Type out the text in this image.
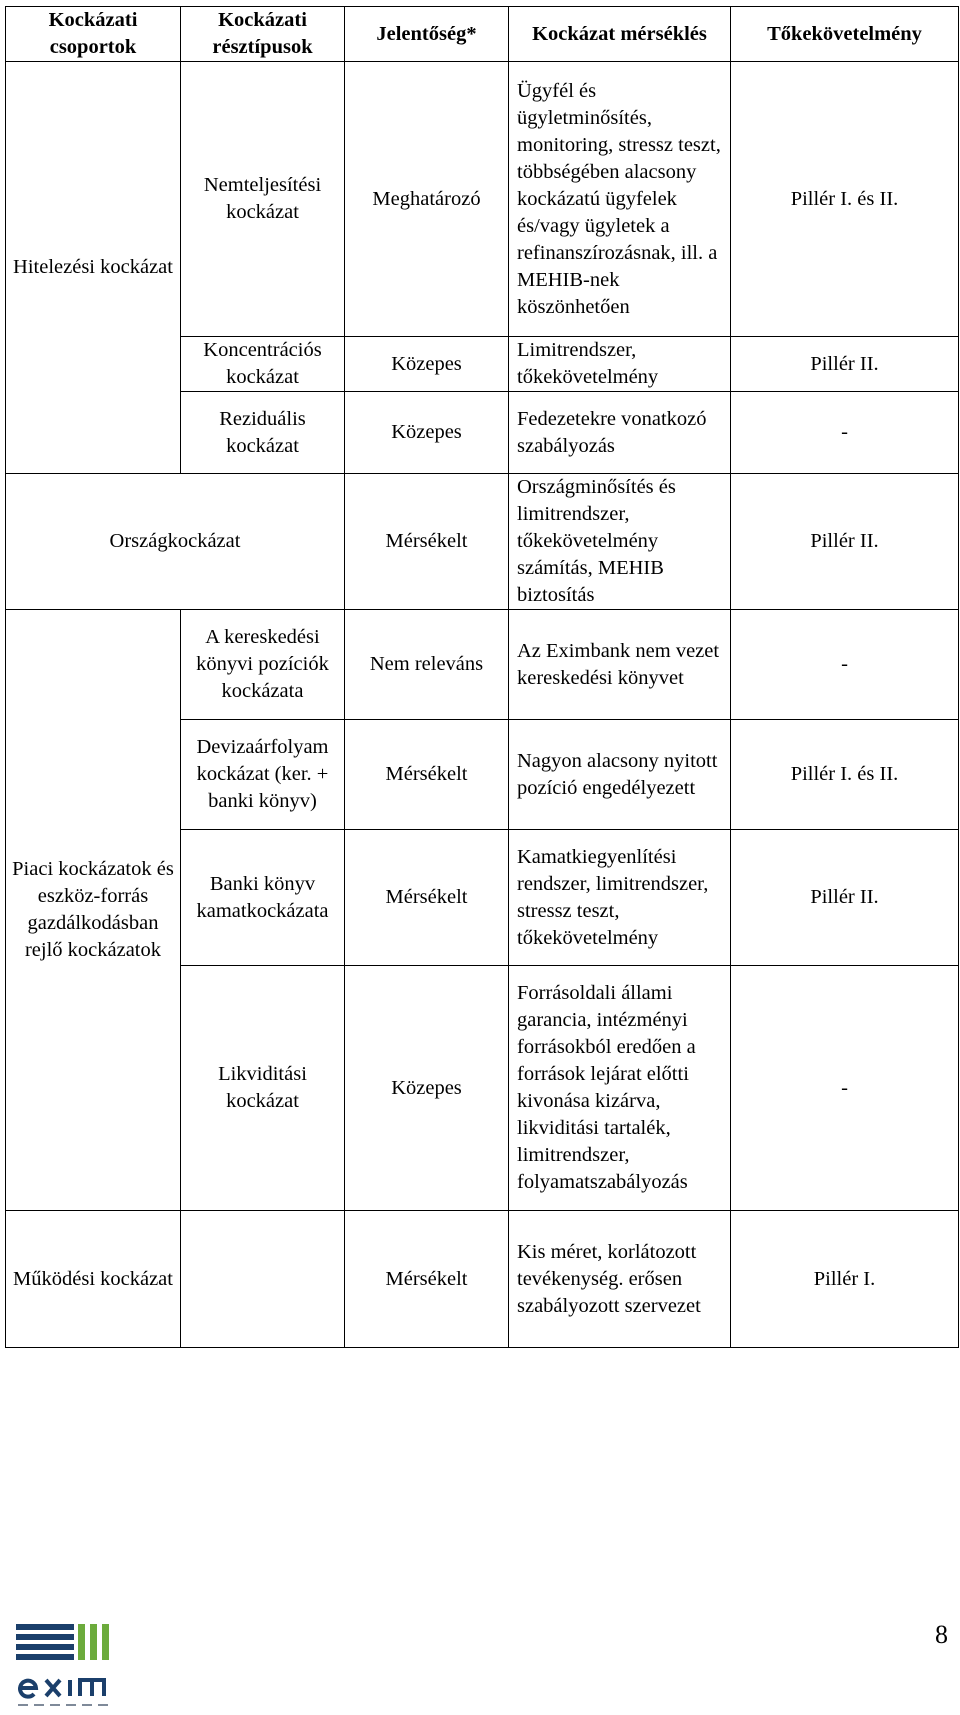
Kockázati csoportok	Kockázati résztípusok	Jelentőség*	Kockázat mérséklés	Tőkekövetelmény
Hitelezési kockázat	Nemteljesítési kockázat	Meghatározó	Ügyfél és ügyletminősítés, monitoring, stressz teszt, többségében alacsony kockázatú ügyfelek és/vagy ügyletek a refinanszírozásnak, ill. a MEHIB-nek köszönhetően	Pillér I. és II.
	Koncentrációs kockázat	Közepes	Limitrendszer, tőkekövetelmény	Pillér II.
	Reziduális kockázat	Közepes	Fedezetekre vonatkozó szabályozás	-
Országkockázat		Mérsékelt	Országminősítés és limitrendszer, tőkekövetelmény számítás, MEHIB biztosítás	Pillér II.
Piaci kockázatok és eszköz-forrás gazdálkodásban rejlő kockázatok	A kereskedési könyvi pozíciók kockázata	Nem releváns	Az Eximbank nem vezet kereskedési könyvet	-
	Devizaárfolyam kockázat (ker. + banki könyv)	Mérsékelt	Nagyon alacsony nyitott pozíció engedélyezett	Pillér I. és II.
	Banki könyv kamatkockázata	Mérsékelt	Kamatkiegyenlítési rendszer, limitrendszer, stressz teszt, tőkekövetelmény	Pillér II.
	Likviditási kockázat	Közepes	Forrásoldali állami garancia, intézményi forrásokból eredően a források lejárat előtti kivonása kizárva, likviditási tartalék, limitrendszer, folyamatszabályozás	-
Működési kockázat		Mérsékelt	Kis méret, korlátozott tevékenység. erősen szabályozott szervezet	Pillér I.
8
